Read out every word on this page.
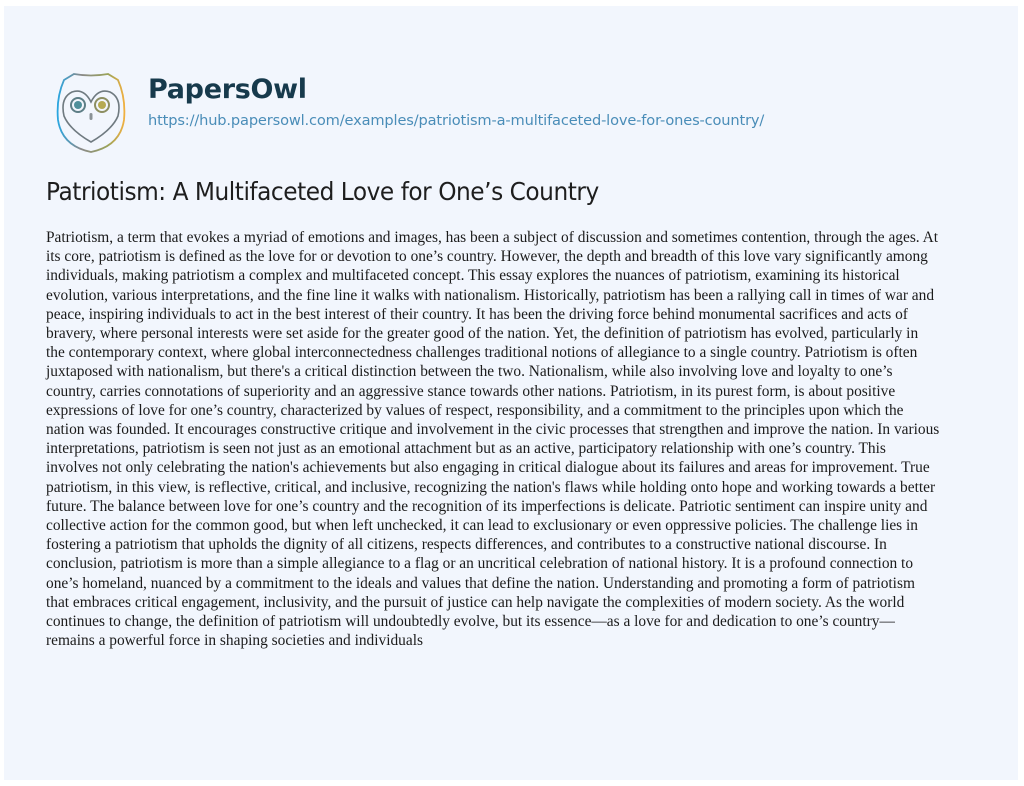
PapersOwl
https://hub.papersowl.com/examples/patriotism-a-multifaceted-love-for-ones-country/
Patriotism: A Multifaceted Love for One’s Country
Patriotism, a term that evokes a myriad of emotions and images, has been a subject of discussion and sometimes contention, through the ages. At
its core, patriotism is defined as the love for or devotion to one’s country. However, the depth and breadth of this love vary significantly among
individuals, making patriotism a complex and multifaceted concept. This essay explores the nuances of patriotism, examining its historical
evolution, various interpretations, and the fine line it walks with nationalism. Historically, patriotism has been a rallying call in times of war and
peace, inspiring individuals to act in the best interest of their country. It has been the driving force behind monumental sacrifices and acts of
bravery, where personal interests were set aside for the greater good of the nation. Yet, the definition of patriotism has evolved, particularly in
the contemporary context, where global interconnectedness challenges traditional notions of allegiance to a single country. Patriotism is often
juxtaposed with nationalism, but there's a critical distinction between the two. Nationalism, while also involving love and loyalty to one’s
country, carries connotations of superiority and an aggressive stance towards other nations. Patriotism, in its purest form, is about positive
expressions of love for one’s country, characterized by values of respect, responsibility, and a commitment to the principles upon which the
nation was founded. It encourages constructive critique and involvement in the civic processes that strengthen and improve the nation. In various
interpretations, patriotism is seen not just as an emotional attachment but as an active, participatory relationship with one’s country. This
involves not only celebrating the nation's achievements but also engaging in critical dialogue about its failures and areas for improvement. True
patriotism, in this view, is reflective, critical, and inclusive, recognizing the nation's flaws while holding onto hope and working towards a better
future. The balance between love for one’s country and the recognition of its imperfections is delicate. Patriotic sentiment can inspire unity and
collective action for the common good, but when left unchecked, it can lead to exclusionary or even oppressive policies. The challenge lies in
fostering a patriotism that upholds the dignity of all citizens, respects differences, and contributes to a constructive national discourse. In
conclusion, patriotism is more than a simple allegiance to a flag or an uncritical celebration of national history. It is a profound connection to
one’s homeland, nuanced by a commitment to the ideals and values that define the nation. Understanding and promoting a form of patriotism
that embraces critical engagement, inclusivity, and the pursuit of justice can help navigate the complexities of modern society. As the world
continues to change, the definition of patriotism will undoubtedly evolve, but its essence—as a love for and dedication to one’s country—
remains a powerful force in shaping societies and individuals
